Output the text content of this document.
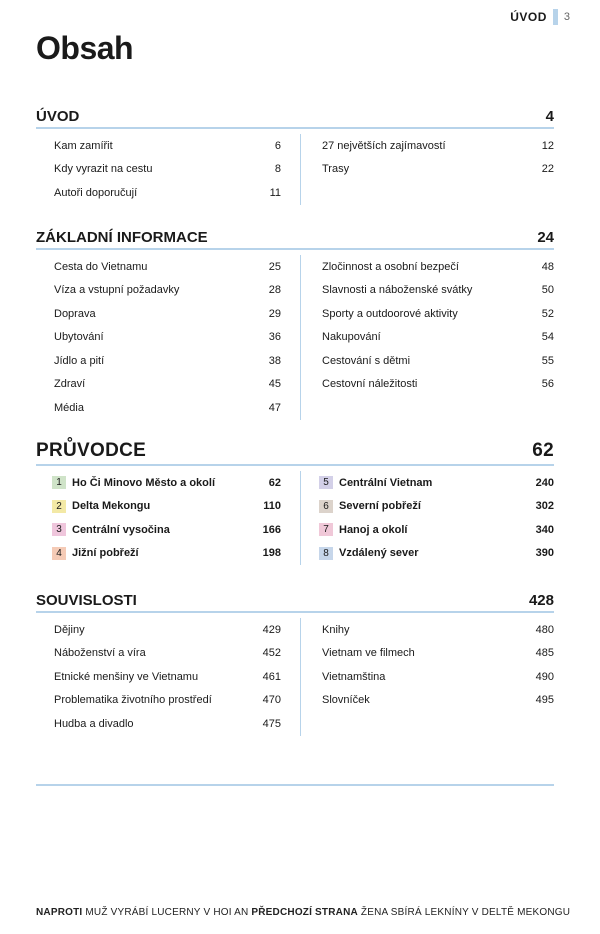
ÚVOD 3
Obsah
ÚVOD	4
Kam zamířit	6
Kdy vyrazit na cestu	8
Autoři doporučují	11
27 největších zajímavostí	12
Trasy	22
ZÁKLADNÍ INFORMACE	24
Cesta do Vietnamu	25
Víza a vstupní požadavky	28
Doprava	29
Ubytování	36
Jídlo a pití	38
Zdraví	45
Média	47
Zločinnost a osobní bezpečí	48
Slavnosti a náboženské svátky	50
Sporty a outdoorové aktivity	52
Nakupování	54
Cestování s dětmi	55
Cestovní náležitosti	56
PRŮVODCE	62
1 Ho Či Minovo Město a okolí	62
2 Delta Mekongu	110
3 Centrální vysočina	166
4 Jižní pobřeží	198
5 Centrální Vietnam	240
6 Severní pobřeží	302
7 Hanoj a okolí	340
8 Vzdálený sever	390
SOUVISLOSTI	428
Dějiny	429
Náboženství a víra	452
Etnické menšiny ve Vietnamu	461
Problematika životního prostředí	470
Hudba a divadlo	475
Knihy	480
Vietnam ve filmech	485
Vietnamština	490
Slovníček	495
NAPROTI MUŽ VYRÁBÍ LUCERNY V HOI AN PŘEDCHOZÍ STRANA ŽENA SBÍRÁ LEKNÍNY V DELTĚ MEKONGU
